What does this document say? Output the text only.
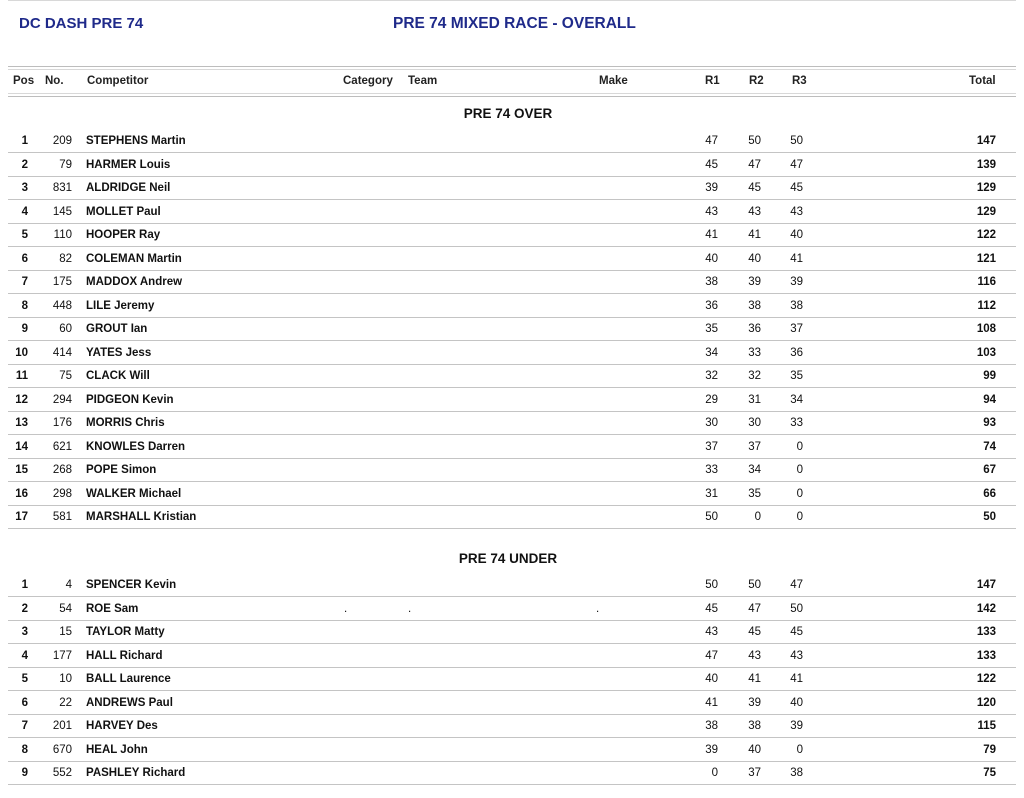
DC DASH PRE 74	PRE 74 MIXED RACE - OVERALL
Pos No. Competitor	Category Team	Make	R1	R2 R3	Total
PRE 74 OVER
1	209 STEPHENS Martin	47	50	50	147
2	79 HARMER Louis	45	47	47	139
3	831 ALDRIDGE Neil	39	45	45	129
4	145 MOLLET Paul	43	43	43	129
5	110 HOOPER Ray	41	41	40	122
6	82 COLEMAN Martin	40	40	41	121
7	175 MADDOX Andrew	38	39	39	116
8	448 LILE Jeremy	36	38	38	112
9	60 GROUT Ian	35	36	37	108
10	414 YATES Jess	34	33	36	103
11	75 CLACK Will	32	32	35	99
12	294 PIDGEON Kevin	29	31	34	94
13	176 MORRIS Chris	30	30	33	93
14	621 KNOWLES Darren	37	37	0	74
15	268 POPE Simon	33	34	0	67
16	298 WALKER Michael	31	35	0	66
17	581 MARSHALL Kristian	50	0	0	50
PRE 74 UNDER
1	4 SPENCER Kevin	50	50	47	147
2	54 ROE Sam	.	.	.	45	47	50	142
3	15 TAYLOR Matty	43	45	45	133
4	177 HALL Richard	47	43	43	133
5	10 BALL Laurence	40	41	41	122
6	22 ANDREWS Paul	41	39	40	120
7	201 HARVEY Des	38	38	39	115
8	670 HEAL John	39	40	0	79
9	552 PASHLEY Richard	0	37	38	75
